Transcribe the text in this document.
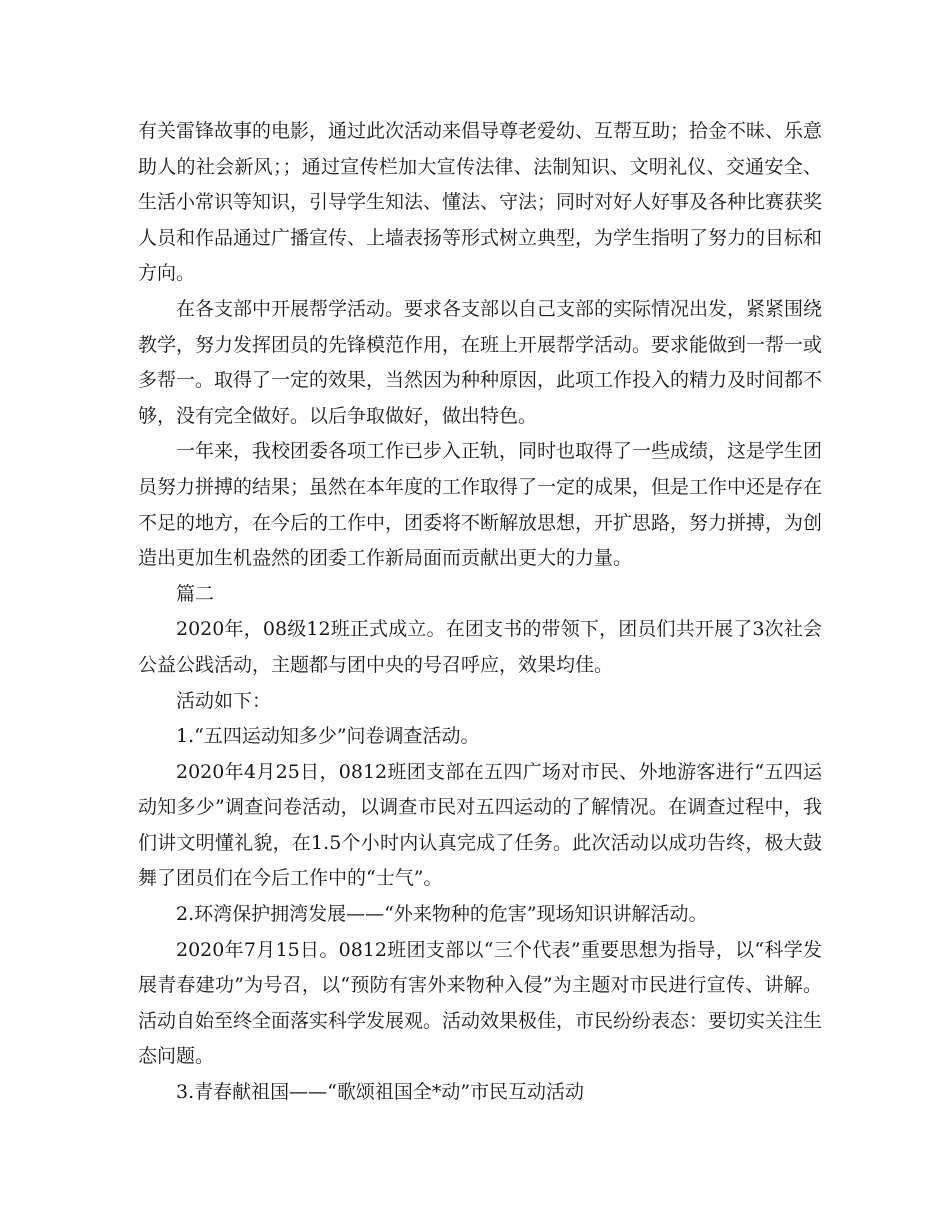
有关雷锋故事的电影，通过此次活动来倡导尊老爱幼、互帮互助；拾金不昧、乐意助人的社会新风；；通过宣传栏加大宣传法律、法制知识、文明礼仪、交通安全、生活小常识等知识，引导学生知法、懂法、守法；同时对好人好事及各种比赛获奖人员和作品通过广播宣传、上墙表扬等形式树立典型，为学生指明了努力的目标和方向。

在各支部中开展帮学活动。要求各支部以自己支部的实际情况出发，紧紧围绕教学，努力发挥团员的先锋模范作用，在班上开展帮学活动。要求能做到一帮一或多帮一。取得了一定的效果，当然因为种种原因，此项工作投入的精力及时间都不够，没有完全做好。以后争取做好，做出特色。

一年来，我校团委各项工作已步入正轨，同时也取得了一些成绩，这是学生团员努力拼搏的结果；虽然在本年度的工作取得了一定的成果，但是工作中还是存在不足的地方，在今后的工作中，团委将不断解放思想，开扩思路，努力拼搏，为创造出更加生机盎然的团委工作新局面而贡献出更大的力量。

篇二

2020年，08级12班正式成立。在团支书的带领下，团员们共开展了3次社会公益公践活动，主题都与团中央的号召呼应，效果均佳。

活动如下：

1.“五四运动知多少”问卷调查活动。

2020年4月25日，0812班团支部在五四广场对市民、外地游客进行“五四运动知多少”调查问卷活动，以调查市民对五四运动的了解情况。在调查过程中，我们讲文明懂礼貌，在1.5个小时内认真完成了任务。此次活动以成功告终，极大鼓舞了团员们在今后工作中的“士气”。

2.环湾保护拥湾发展——“外来物种的危害”现场知识讲解活动。

2020年7月15日。0812班团支部以“三个代表”重要思想为指导，以“科学发展青春建功”为号召，以“预防有害外来物种入侵”为主题对市民进行宣传、讲解。活动自始至终全面落实科学发展观。活动效果极佳，市民纷纷表态：要切实关注生态问题。

3.青春献祖国——“歌颂祖国全*动”市民互动活动
